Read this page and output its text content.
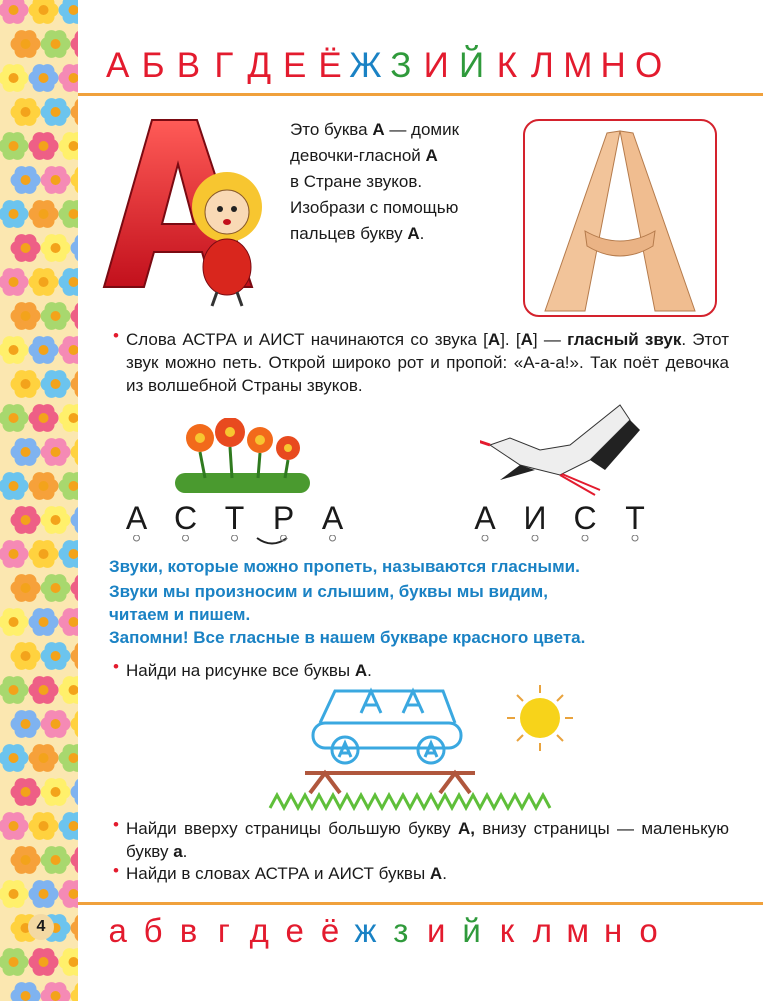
А Б В Г Д Е Ё Ж З И Й К Л М Н О
Это буква А — домик
девочки-гласной А
в Стране звуков.
Изобрази с помощью
пальцев букву А.
• Слова АСТРА и АИСТ начинаются со звука [А]. [А] — гласный звук. Этот звук можно петь. Открой широко рот и пропой: «А-а-а!». Так поёт девочка из волшебной Страны звуков.
А С Т Р А	А И С Т
Звуки, которые можно пропеть, называются гласными.
Звуки мы произносим и слышим, буквы мы видим,
читаем и пишем.
Запомни! Все гласные в нашем букваре красного цвета.
• Найди на рисунке все буквы А.
• Найди вверху страницы большую букву А, внизу страницы — маленькую букву а.
• Найди в словах АСТРА и АИСТ буквы А.
4 а б в г д е ё ж з и й к л м н о
